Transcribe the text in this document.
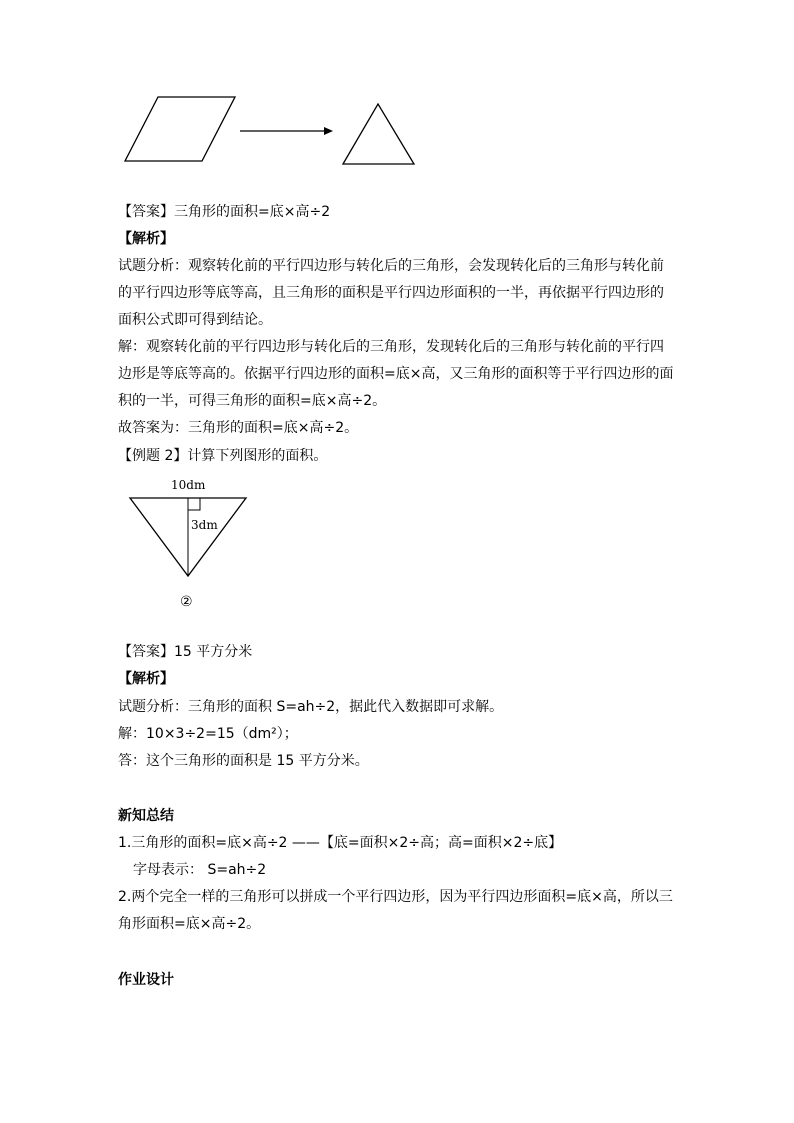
【答案】三角形的面积=底×高÷2
【解析】
试题分析：观察转化前的平行四边形与转化后的三角形，会发现转化后的三角形与转化前
的平行四边形等底等高，且三角形的面积是平行四边形面积的一半，再依据平行四边形的
面积公式即可得到结论。
解：观察转化前的平行四边形与转化后的三角形，发现转化后的三角形与转化前的平行四
边形是等底等高的。依据平行四边形的面积=底×高，又三角形的面积等于平行四边形的面
积的一半，可得三角形的面积=底×高÷2。
故答案为：三角形的面积=底×高÷2。
【例题 2】计算下列图形的面积。
10dm
3dm
②
【答案】15 平方分米
【解析】
试题分析：三角形的面积 S=ah÷2，据此代入数据即可求解。
解：10×3÷2=15（dm²）；
答：这个三角形的面积是 15 平方分米。
新知总结
1.三角形的面积=底×高÷2 ——【底=面积×2÷高；高=面积×2÷底】
字母表示： S=ah÷2
2.两个完全一样的三角形可以拼成一个平行四边形，因为平行四边形面积=底×高，所以三
角形面积=底×高÷2。
作业设计
